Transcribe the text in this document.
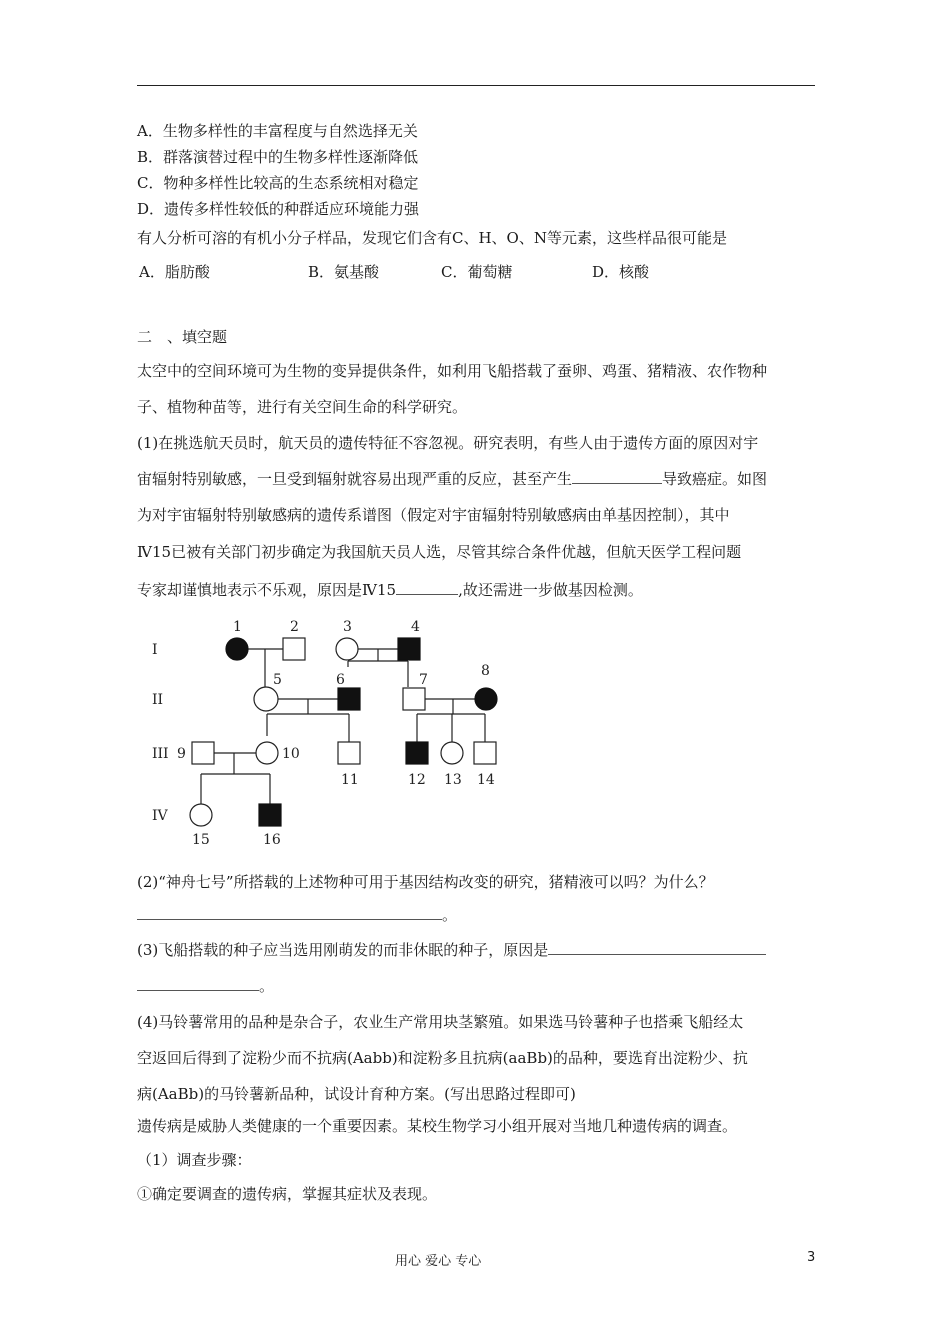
A．生物多样性的丰富程度与自然选择无关
B．群落演替过程中的生物多样性逐渐降低
C．物种多样性比较高的生态系统相对稳定
D．遗传多样性较低的种群适应环境能力强
有人分析可溶的有机小分子样品，发现它们含有C、H、O、N等元素，这些样品很可能是
A．脂肪酸	B．氨基酸	C．葡萄糖	D．核酸
二　、填空题
太空中的空间环境可为生物的变异提供条件，如利用飞船搭载了蚕卵、鸡蛋、猪精液、农作物种
子、植物种苗等，进行有关空间生命的科学研究。
(1)在挑选航天员时，航天员的遗传特征不容忽视。研究表明，有些人由于遗传方面的原因对宇
宙辐射特别敏感，一旦受到辐射就容易出现严重的反应，甚至产生	导致癌症。如图
为对宇宙辐射特别敏感病的遗传系谱图（假定对宇宙辐射特别敏感病由单基因控制），其中
Ⅳ15已被有关部门初步确定为我国航天员人选，尽管其综合条件优越，但航天医学工程问题
专家却谨慎地表示不乐观，原因是Ⅳ15	,故还需进一步做基因检测。
I
II
III
IV
1	2	3	4
5	6	7
8
9	10
11	12 13 14
15	16
(2)“神舟七号”所搭载的上述物种可用于基因结构改变的研究，猪精液可以吗？为什么？
。
(3)飞船搭载的种子应当选用刚萌发的而非休眠的种子，原因是
。
(4)马铃薯常用的品种是杂合子，农业生产常用块茎繁殖。如果选马铃薯种子也搭乘飞船经太
空返回后得到了淀粉少而不抗病(Aabb)和淀粉多且抗病(aaBb)的品种，要选育出淀粉少、抗
病(AaBb)的马铃薯新品种，试设计育种方案。(写出思路过程即可)
遗传病是威胁人类健康的一个重要因素。某校生物学习小组开展对当地几种遗传病的调查。
（1）调查步骤：
①确定要调查的遗传病，掌握其症状及表现。
用心 爱心 专心	3
